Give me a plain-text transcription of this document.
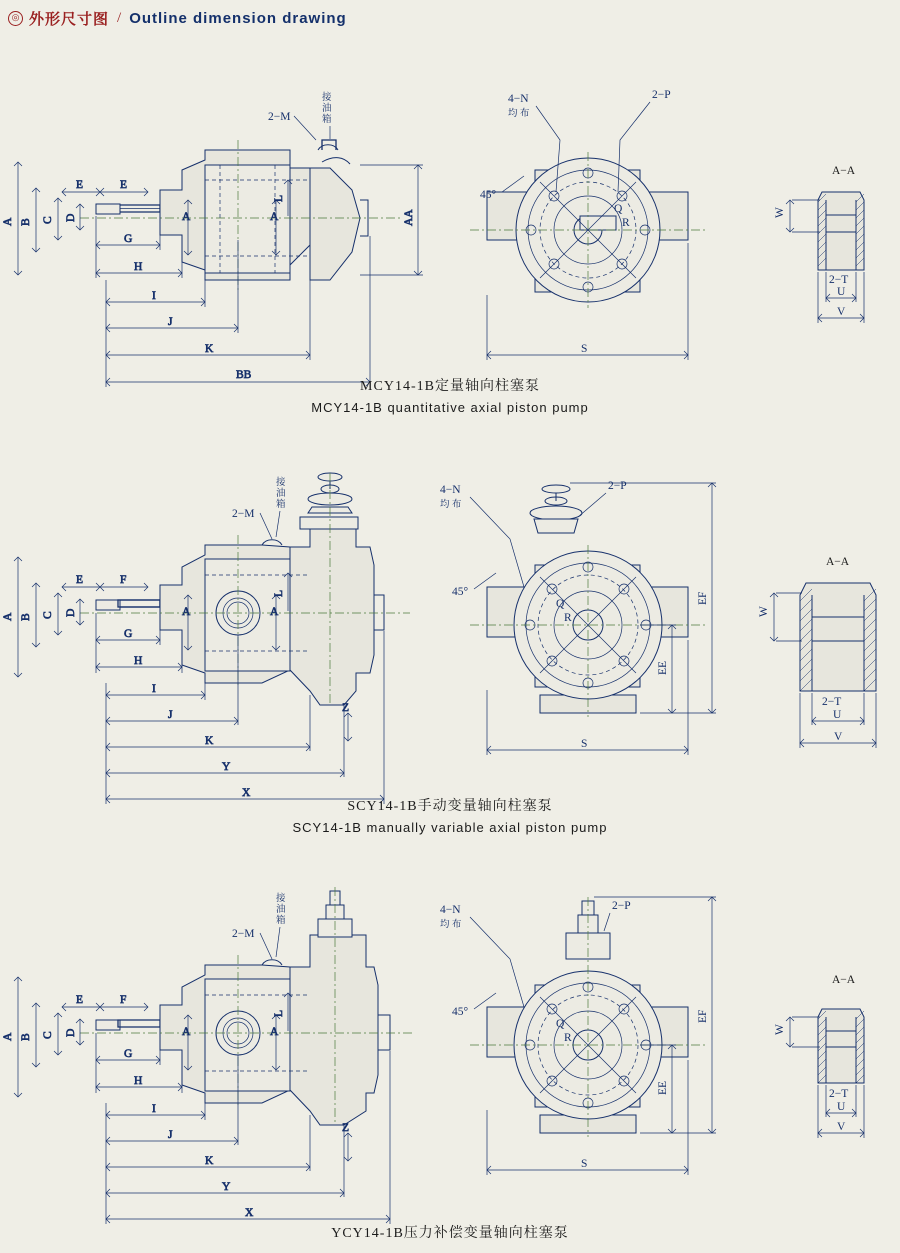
◎ 外形尺寸图 / Outline dimension drawing
2−M
接
油
箱
A B C D
E	E
G
H
I
J
K
BB
A	A
L
AA
4−N
均 布
2−P
45°
Q
R
S
A−A
W
2−T
U
V
MCY14-1B定量轴向柱塞泵
MCY14-1B quantitative axial piston pump
接
油
箱
2−M
A B C D
E	F
G
H
I
J
K
Y
X
Z
A	A
L
4−N
均 布
2−P
45°
Q
R
S
EE
EF
A−A
W
2−T
U
V
SCY14-1B手动变量轴向柱塞泵
SCY14-1B manually variable axial piston pump
接
油
箱
2−M
A B C D
E	F
G
H
I
J
K
Y
X
Z
A	A
L
4−N
均 布
2−P
45°
Q
R
S
EE
EF
A−A
W
2−T
U
V
YCY14-1B压力补偿变量轴向柱塞泵
